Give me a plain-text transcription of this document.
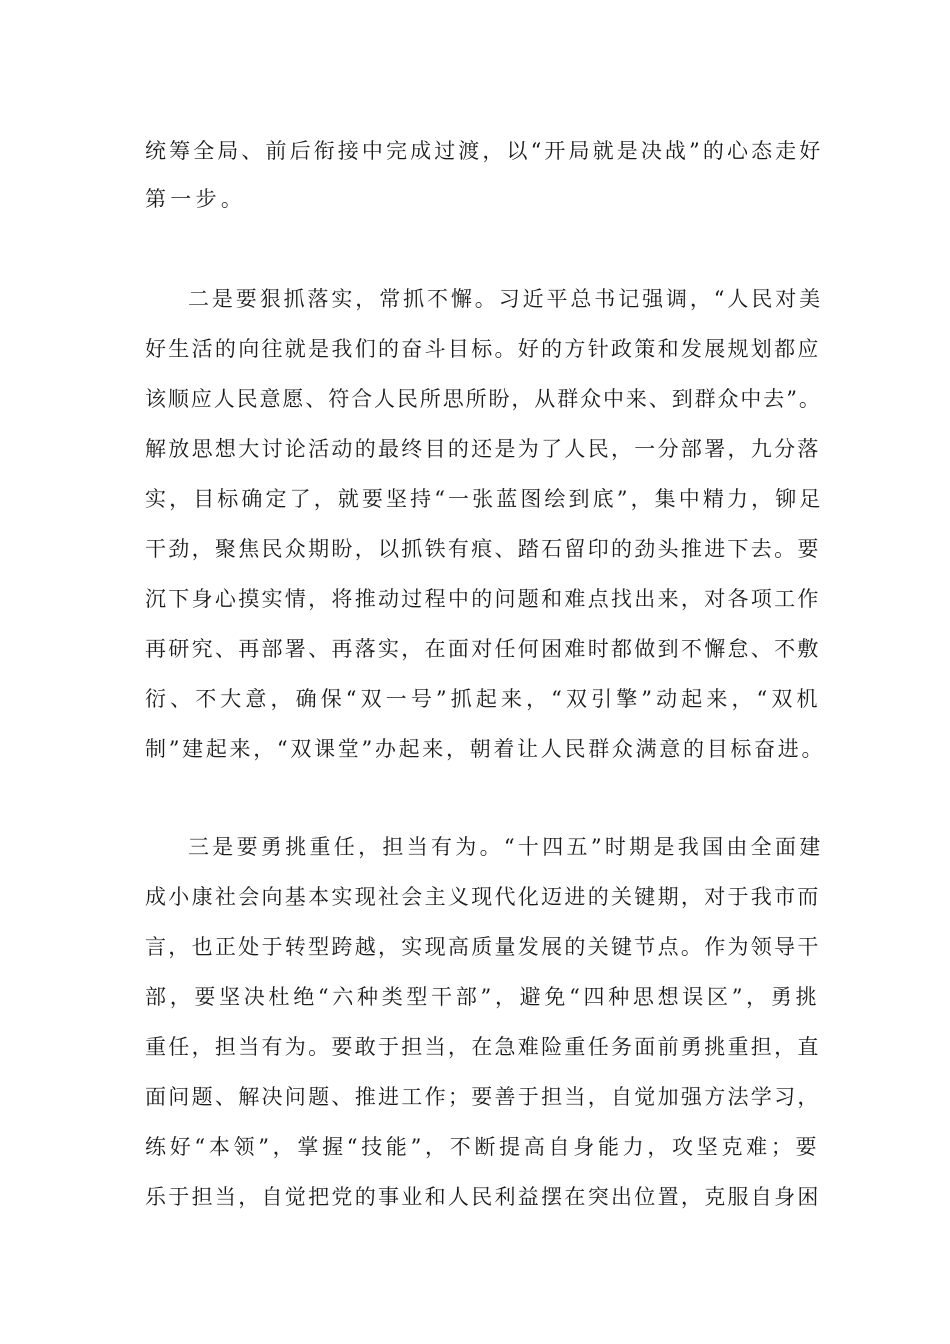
统筹全局、前后衔接中完成过渡，以“开局就是决战”的心态走好
第一步。
二是要狠抓落实，常抓不懈。习近平总书记强调，“人民对美
好生活的向往就是我们的奋斗目标。好的方针政策和发展规划都应
该顺应人民意愿、符合人民所思所盼，从群众中来、到群众中去”。
解放思想大讨论活动的最终目的还是为了人民，一分部署，九分落
实，目标确定了，就要坚持“一张蓝图绘到底”，集中精力，铆足
干劲，聚焦民众期盼，以抓铁有痕、踏石留印的劲头推进下去。要
沉下身心摸实情，将推动过程中的问题和难点找出来，对各项工作
再研究、再部署、再落实，在面对任何困难时都做到不懈怠、不敷
衍、不大意，确保“双一号”抓起来，“双引擎”动起来，“双机
制”建起来，“双课堂”办起来，朝着让人民群众满意的目标奋进。
三是要勇挑重任，担当有为。“十四五”时期是我国由全面建
成小康社会向基本实现社会主义现代化迈进的关键期，对于我市而
言，也正处于转型跨越，实现高质量发展的关键节点。作为领导干
部，要坚决杜绝“六种类型干部”，避免“四种思想误区”，勇挑
重任，担当有为。要敢于担当，在急难险重任务面前勇挑重担，直
面问题、解决问题、推进工作；要善于担当，自觉加强方法学习，
练好“本领”，掌握“技能”，不断提高自身能力，攻坚克难；要
乐于担当，自觉把党的事业和人民利益摆在突出位置，克服自身困
